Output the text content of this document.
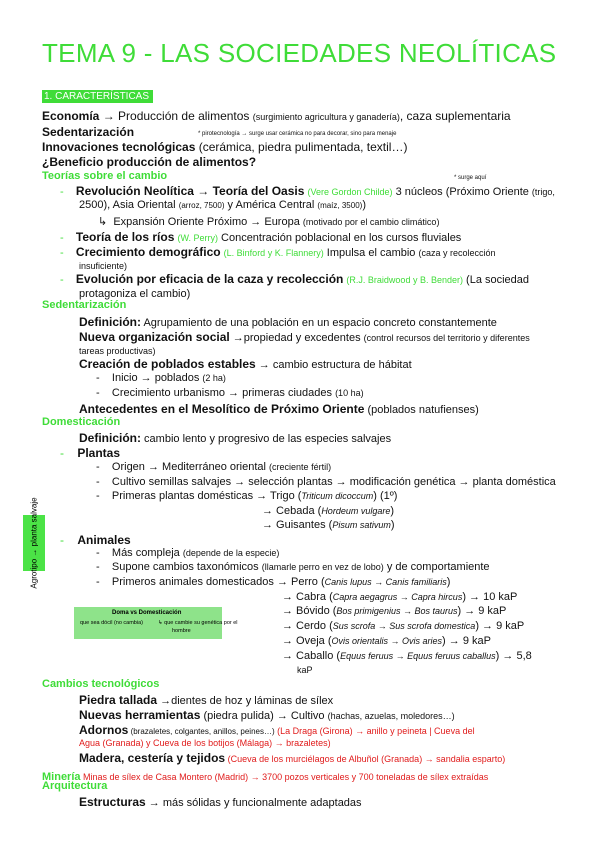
TEMA 9 - LAS SOCIEDADES NEOLÍTICAS
1. CARACTERÍSTICAS
Economía → Producción de alimentos (surgimiento agricultura y ganadería), caza suplementaria
Sedentarización	* pirotecnología → surge usar cerámica no para decorar, sino para menaje
Innovaciones tecnológicas (cerámica, piedra pulimentada, textil…)
¿Beneficio producción de alimentos?
Teorías sobre el cambio	* surge aquí
- Revolución Neolítica → Teoría del Oasis (Vere Gordon Childe) 3 núcleos (Próximo Oriente (trigo,
2500), Asia Oriental (arroz, 7500) y América Central (maíz, 3500))
↳ Expansión Oriente Próximo → Europa (motivado por el cambio climático)
- Teoría de los ríos (W. Perry) Concentración poblacional en los cursos fluviales
- Crecimiento demográfico (L. Binford y K. Flannery) Impulsa el cambio (caza y recolección
insuficiente)
- Evolución por eficacia de la caza y recolección (R.J. Braidwood y B. Bender) (La sociedad
protagoniza el cambio)
Sedentarización
Definición: Agrupamiento de una población en un espacio concreto constantemente
Nueva organización social →propiedad y excedentes (control recursos del territorio y diferentes
tareas productivas)
Creación de poblados estables → cambio estructura de hábitat
- Inicio → poblados (2 ha)
- Crecimiento urbanismo → primeras ciudades (10 ha)
Antecedentes en el Mesolítico de Próximo Oriente (poblados natufienses)
Domesticación
Definición: cambio lento y progresivo de las especies salvajes
- Plantas
- Origen → Mediterráneo oriental (creciente fértil)
- Cultivo semillas salvajes → selección plantas → modificación genética → planta doméstica
- Primeras plantas domésticas → Trigo (Triticum dicoccum) (1º)
→ Cebada (Hordeum vulgare)
→ Guisantes (Pisum sativum)
Agrotipo → planta salvaje - Animales
- Más compleja (depende de la especie)
- Supone cambios taxonómicos (llamarle perro en vez de lobo) y de comportamiente
- Primeros animales domesticados → Perro (Canis lupus → Canis familiaris)
→ Cabra (Capra aegagrus → Capra hircus) → 10 kaP
→ Bóvido (Bos primigenius → Bos taurus) → 9 kaP
→ Cerdo (Sus scrofa → Sus scrofa domestica) → 9 kaP
→ Oveja (Ovis orientalis → Ovis aries) → 9 kaP
→ Caballo (Equus feruus → Equus feruus caballus) → 5,8
kaP
Doma vs Domesticación
que sea dócil (no cambia)	↳ que cambie su genética por el
hombre
Cambios tecnológicos
Piedra tallada →dientes de hoz y láminas de sílex
Nuevas herramientas (piedra pulida) → Cultivo (hachas, azuelas, moledores…)
Adornos (brazaletes, colgantes, anillos, peines…) (La Draga (Girona) → anillo y peineta | Cueva del
Agua (Granada) y Cueva de los botijos (Málaga) → brazaletes)
Madera, cestería y tejidos (Cueva de los murciélagos de Albuñol (Granada) → sandalia esparto)
Minería Minas de sílex de Casa Montero (Madrid) → 3700 pozos verticales y 700 toneladas de sílex extraídas
Arquitectura
Estructuras → más sólidas y funcionalmente adaptadas
